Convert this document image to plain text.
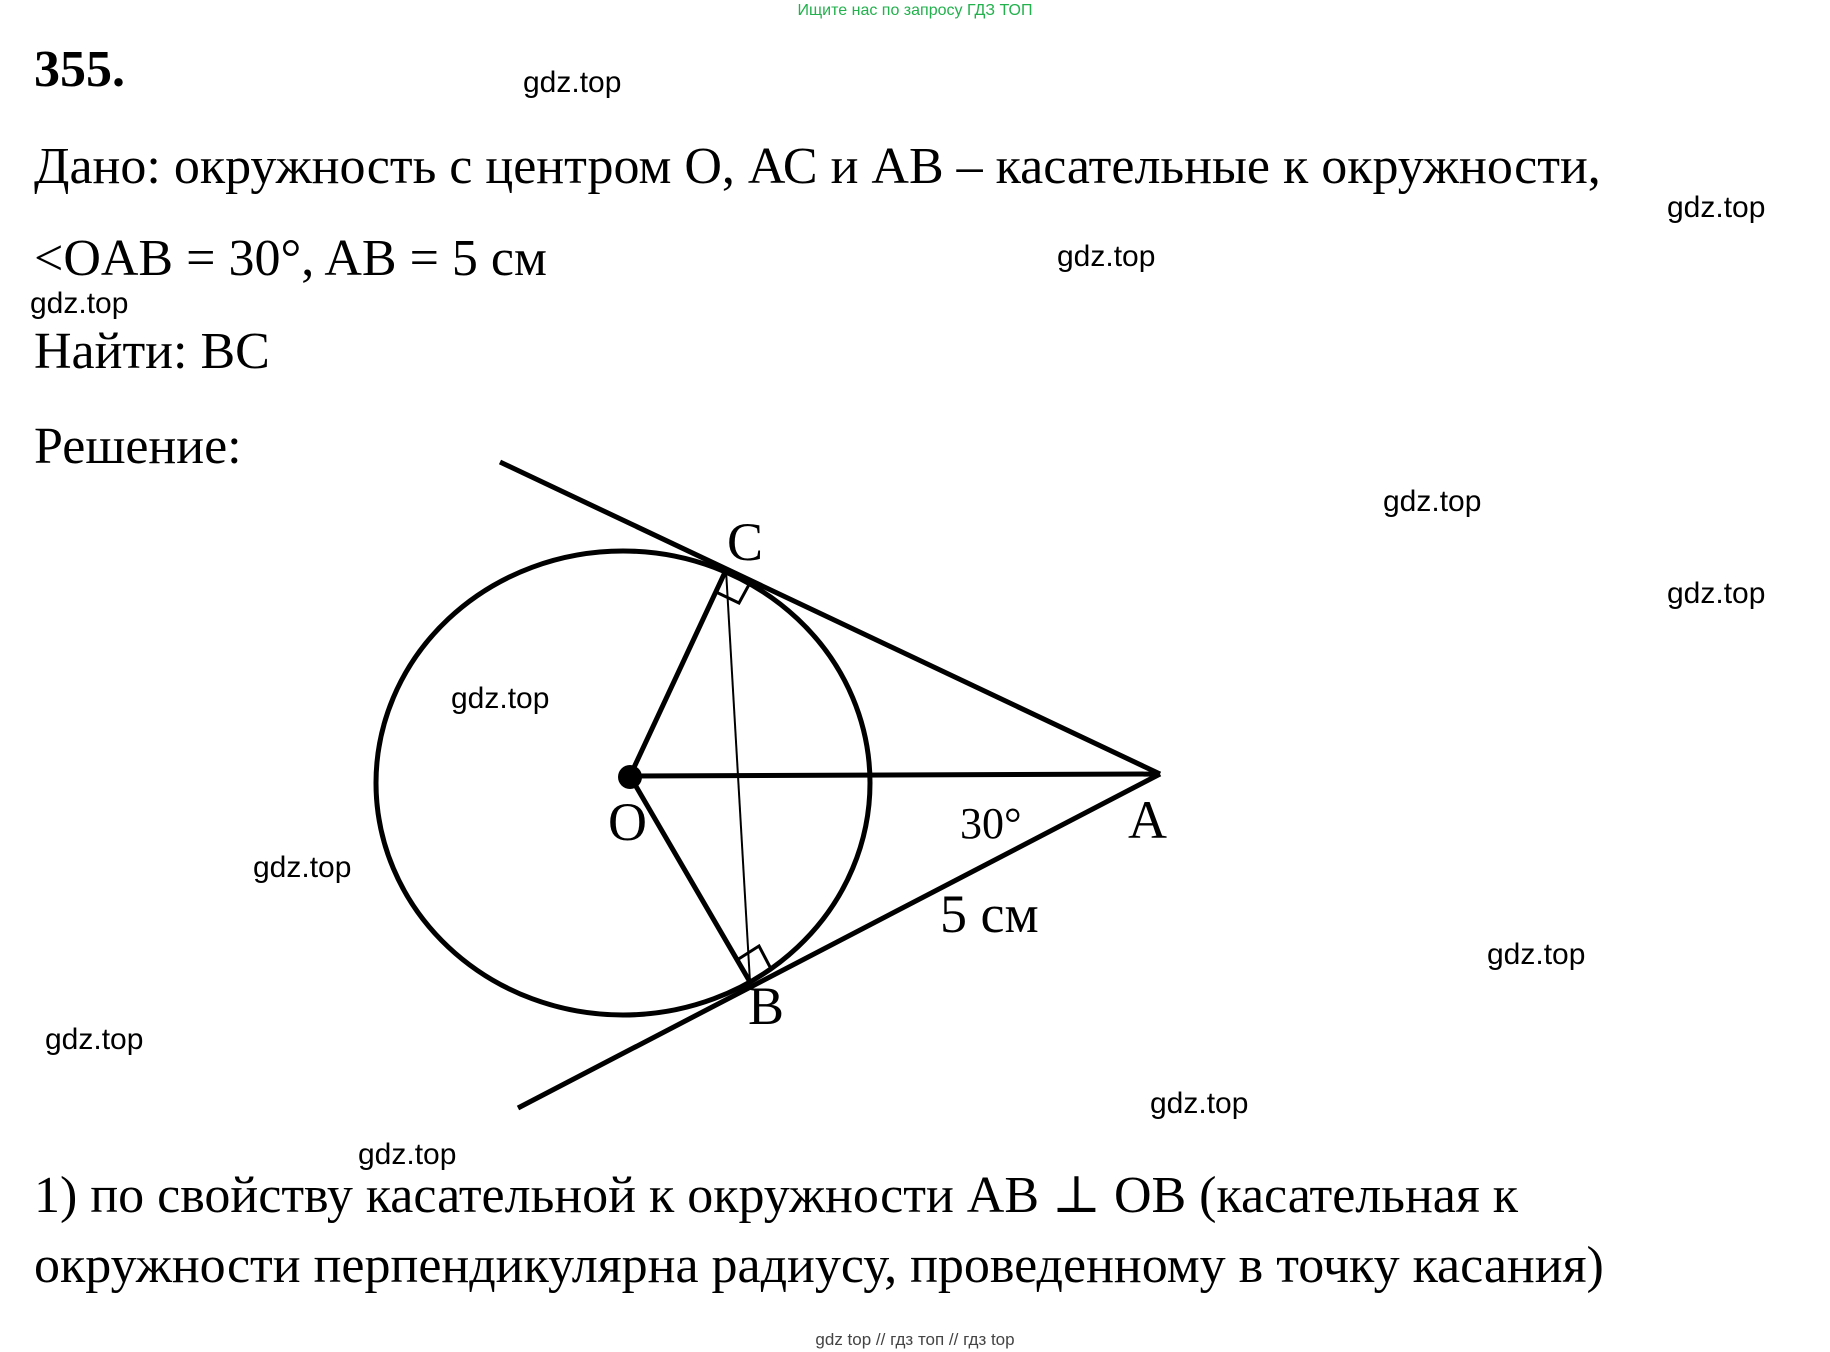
Ищите нас по запросу ГДЗ ТОП
355.
Дано: окружность с центром О, АС и АВ – касательные к окружности,
<OAB = 30°, AB = 5 см
Найти: ВС
Решение:
C
O	A
B
30°
5 см
1) по свойству касательной к окружности АВ ⊥ ОВ (касательная к
окружности перпендикулярна радиусу, проведенному в точку касания)
gdz.top
gdz.top
gdz.top
gdz.top
gdz.top
gdz.top
gdz.top
gdz.top
gdz.top
gdz.top
gdz.top
gdz.top
gdz top // гдз топ // гдз top
